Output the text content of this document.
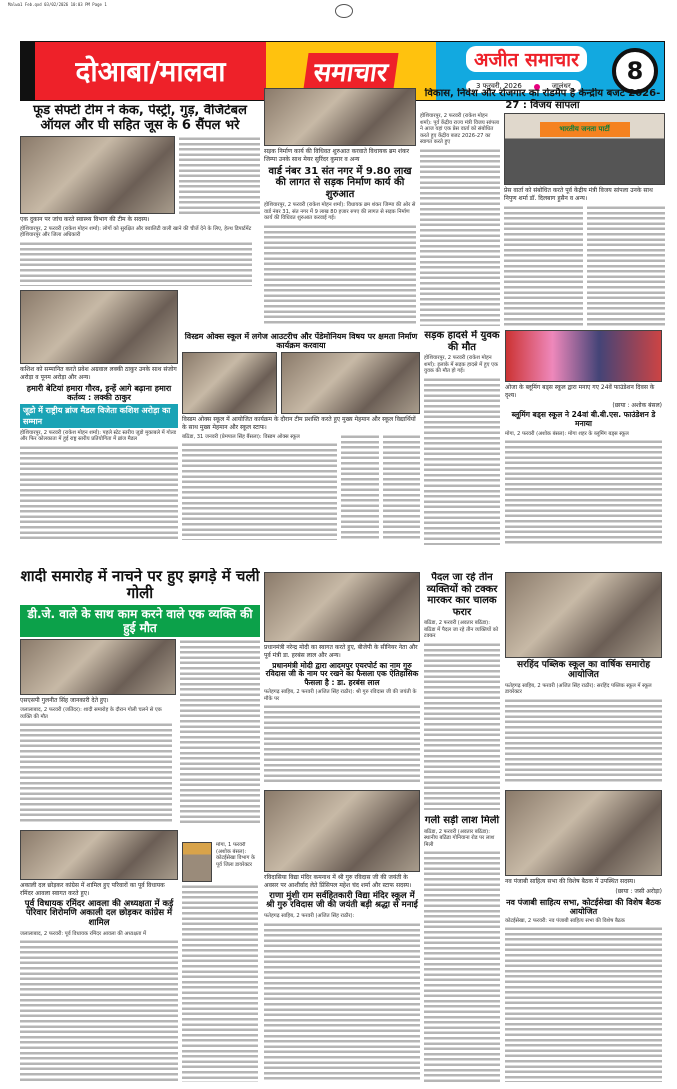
Malwa1 Feb.qxd 03/02/2026 10:03 PM Page 1
दोआबा/मालवा	समाचार	अजीत समाचार
3 फरवरी, 2026	जालंधर
8
फूड सेफ्टी टीम ने केक, पेस्ट्री, गुड़, वैजिटेबल ऑयल और घी सहित जूस के 6 सैंपल भरे
एक दुकान पर जांच करते स्वास्थ्य विभाग की टीम के सदस्य।
होशियारपुर, 2 फरवरी (राकेश मोहन शर्मा): लोगों को सुरक्षित और क्वालिटी वाली खाने की चीजें देने के लिए, हेल्थ डिपार्टमेंट होशियारपुर और जिला अधिकारी
सड़क निर्माण कार्य की विधिवत शुरुआत करवाते विधायक ब्रम शंकर जिम्पा उनके साथ मेयर सुरिंदर कुमार व अन्य
वार्ड नंबर 31 संत नगर में 9.80 लाख की लागत से सड़क निर्माण कार्य की शुरुआत
होशियारपुर, 2 फरवरी (राकेश मोहन शर्मा): विधायक ब्रम शंकर जिम्पा की ओर से वार्ड नंबर 31, संत नगर में 9 लाख 80 हजार रुपए की लागत से सड़क निर्माण कार्य की विधिवत शुरुआत करवाई गई।
विकास, निवेश और रोजगार का रोडमैप है केन्द्रीय बजट 2026-27 : विजय सांपला
होशियारपुर, 2 फरवरी (राकेश मोहन शर्मा): पूर्व केंद्रीय राज्य मंत्री विजय सांपला ने आज यहां एक प्रेस वार्ता को संबोधित करते हुए केंद्रीय बजट 2026-27 का स्वागत करते हुए
भारतीय जनता पार्टी
प्रेस वार्ता को संबोधित करते पूर्व केंद्रीय मंत्री विजय सांपला उनके साथ निपुण शर्मा डॉ. दिलबाग हुसैन व अन्य।
कशिश को सम्मानित करते प्रवेश अग्रवाल लक्की ठाकुर उनके साथ संजोग अरोड़ा व पूनम अरोड़ा और अन्य।
हमारी बेटियां हमारा गौरव, इन्हें आगे बढ़ाना हमारा कर्तव्य : लक्की ठाकुर
जूडो में राष्ट्रीय ब्रांज मैडल विजेता कशिश अरोड़ा का सम्मान
होशियारपुर, 2 फरवरी (राकेश मोहन शर्मा): पहले स्टेट स्तरीय जूडो मुकाबले में गोल्ड और फिर कोलकाता में हुई राष्ट्र स्तरीय प्रतियोगिता में ब्रांज मैडल
विस्डम ओक्स स्कूल में लगेज आउटरीच और पेंडेमोनियम विषय पर क्षमता निर्माण कार्यक्रम करवाया
विस्डम ओक्स स्कूल में आयोजित कार्यक्रम के दौरान टीम प्रशस्ति करते हुए मुख्य मेहमान और स्कूल विद्यार्थियों के साथ मुख्य मेहमान और स्कूल स्टाफ।
बठिंडा, 31 जनवरी (प्रेमपाल सिंह बैंसला): विस्डम ओक्स स्कूल
सड़क हादसे में युवक की मौत
होशियारपुर, 2 फरवरी (राकेश मोहन शर्मा): इलाके में सड़क हादसे में हुए एक युवक की मौत हो गई।
ओजा के ब्लूमिंग बड्स स्कूल द्वारा मनाए गए 24वें फाउंडेशन दिवस के दृश्य।
(छाया : अशोक बंसल)
ब्लूमिंग बड्स स्कूल ने 24वां बी.बी.एस. फाउंडेशन डे मनाया
मोगा, 2 फरवरी (अशोक बंसल): मोगा शहर के ब्लूमिंग बड्स स्कूल
शादी समारोह में नाचने पर हुए झगड़े में चली गोली
डी.जे. वाले के साथ काम करने वाले एक व्यक्ति की हुई मौत
एसएसपी गुलनीत सिंह जानकारी देते हुए।
जलालाबाद, 2 फरवरी (जतिंदर): शादी समारोह के दौरान गोली चलने से एक व्यक्ति की मौत
प्रधानमंत्री नरेन्द्र मोदी का स्वागत करते हुए, बीजेपी के सीनियर नेता और पूर्व मंत्री डा. हरबंस लाल और अन्य।
प्रधानमंत्री मोदी द्वारा आदमपुर एयरपोर्ट का नाम गुरु रविदास जी के नाम पर रखने का फैसला एक ऐतिहासिक फैसला है : डा. हरबंस लाल
फतेहगढ़ साहिब, 2 फरवरी (अजित सिंह राठौर): श्री गुरु रविदास जी की जयंती के मौके पर
पैदल जा रहे तीन व्यक्तियों को टक्कर मारकर कार चालक फरार
बठिंडा, 2 फरवरी (अवतार बठिंडा): बठिंडा में पैदल जा रहे तीन व्यक्तियों को टक्कर
सरहिंद पब्लिक स्कूल का वार्षिक समारोह आयोजित
फतेहगढ़ साहिब, 2 फरवरी (अजित सिंह राठौर): सरहिंद पब्लिक स्कूल में स्कूल डायरेक्टर
अकाली दल छोड़कर कांग्रेस में शामिल हुए परिवारों का पूर्व विधायक रमिंदर आवला स्वागत करते हुए।
पूर्व विधायक रमिंदर आवला की अध्यक्षता में कई परिवार शिरोमणि अकाली दल छोड़कर कांग्रेस में शामिल
जलालाबाद, 2 फरवरी: पूर्व विधायक रमिंदर आवला की अध्यक्षता में
मोगा, 1 फरवरी (अशोक बंसल): कोटईसेखा विभाग के पूर्व जिला डायरेक्टर
रविदासिया विद्या मंदिर कमनाथ में श्री गुरु रविदास जी की जयंती के अवसर पर आशीर्वाद लेते प्रिंसिपल महेश चंद शर्मा और स्टाफ सदस्य।
राणा मुंशी राम सर्वहितकारी विद्या मंदिर स्कूल में श्री गुरु रविदास जी की जयंती बड़ी श्रद्धा से मनाई
फतेहगढ़ साहिब, 2 फरवरी (अजित सिंह राठौर):
गली सड़ी लाश मिली
बठिंडा, 2 फरवरी (अवतार बठिंडा): स्थानीय बठिंडा गोनियाना रोड पर लाश मिली
नव पंजाबी साहित्य सभा की विशेष बैठक में उपस्थित सदस्य।
(छाया : जसी अरोड़ा)
नव पंजाबी साहित्य सभा, कोटईसेखा की विशेष बैठक आयोजित
कोटईसेखा, 2 फरवरी: नव पंजाबी साहित्य सभा की विशेष बैठक
